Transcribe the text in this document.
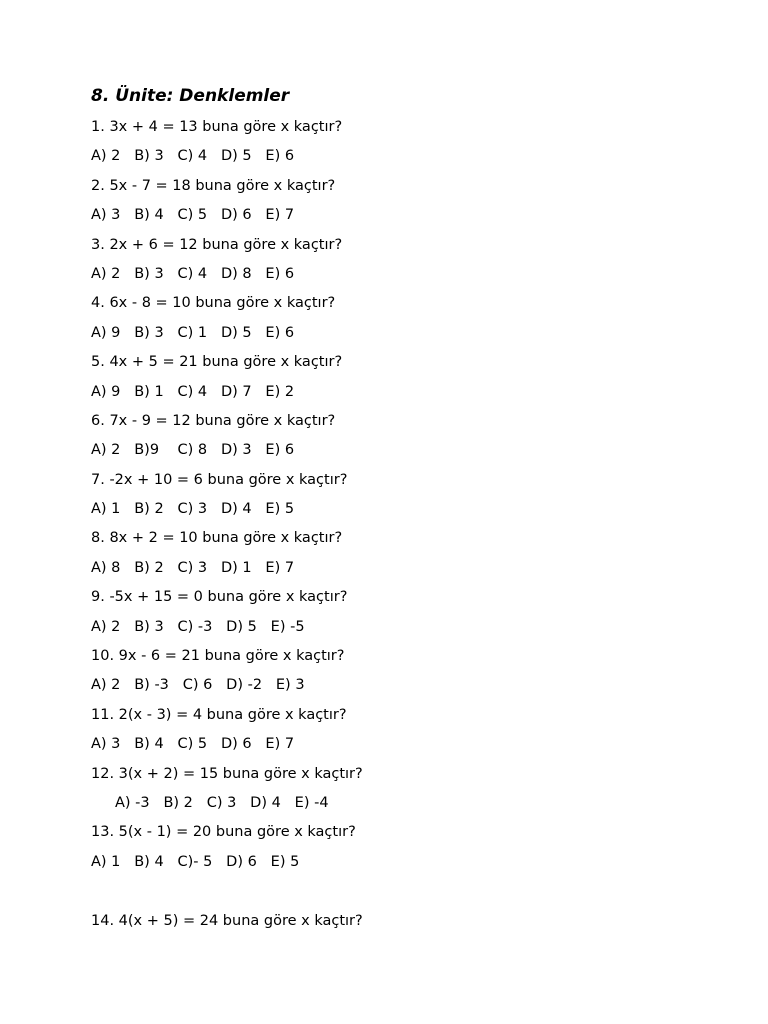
8. Ünite: Denklemler
1. 3x + 4 = 13 buna göre x kaçtır?
A) 2   B) 3   C) 4   D) 5   E) 6
2. 5x - 7 = 18 buna göre x kaçtır?
A) 3   B) 4   C) 5   D) 6   E) 7
3. 2x + 6 = 12 buna göre x kaçtır?
A) 2   B) 3   C) 4   D) 8   E) 6
4. 6x - 8 = 10 buna göre x kaçtır?
A) 9   B) 3   C) 1   D) 5   E) 6
5. 4x + 5 = 21 buna göre x kaçtır?
A) 9   B) 1   C) 4   D) 7   E) 2
6. 7x - 9 = 12 buna göre x kaçtır?
A) 2   B)9    C) 8   D) 3   E) 6
7. -2x + 10 = 6 buna göre x kaçtır?
A) 1   B) 2   C) 3   D) 4   E) 5
8. 8x + 2 = 10 buna göre x kaçtır?
A) 8   B) 2   C) 3   D) 1   E) 7
9. -5x + 15 = 0 buna göre x kaçtır?
A) 2   B) 3   C) -3   D) 5   E) -5
10. 9x - 6 = 21 buna göre x kaçtır?
A) 2   B) -3   C) 6   D) -2   E) 3
11. 2(x - 3) = 4 buna göre x kaçtır?
A) 3   B) 4   C) 5   D) 6   E) 7
12. 3(x + 2) = 15 buna göre x kaçtır?
A) -3   B) 2   C) 3   D) 4   E) -4
13. 5(x - 1) = 20 buna göre x kaçtır?
A) 1   B) 4   C)- 5   D) 6   E) 5
14. 4(x + 5) = 24 buna göre x kaçtır?
